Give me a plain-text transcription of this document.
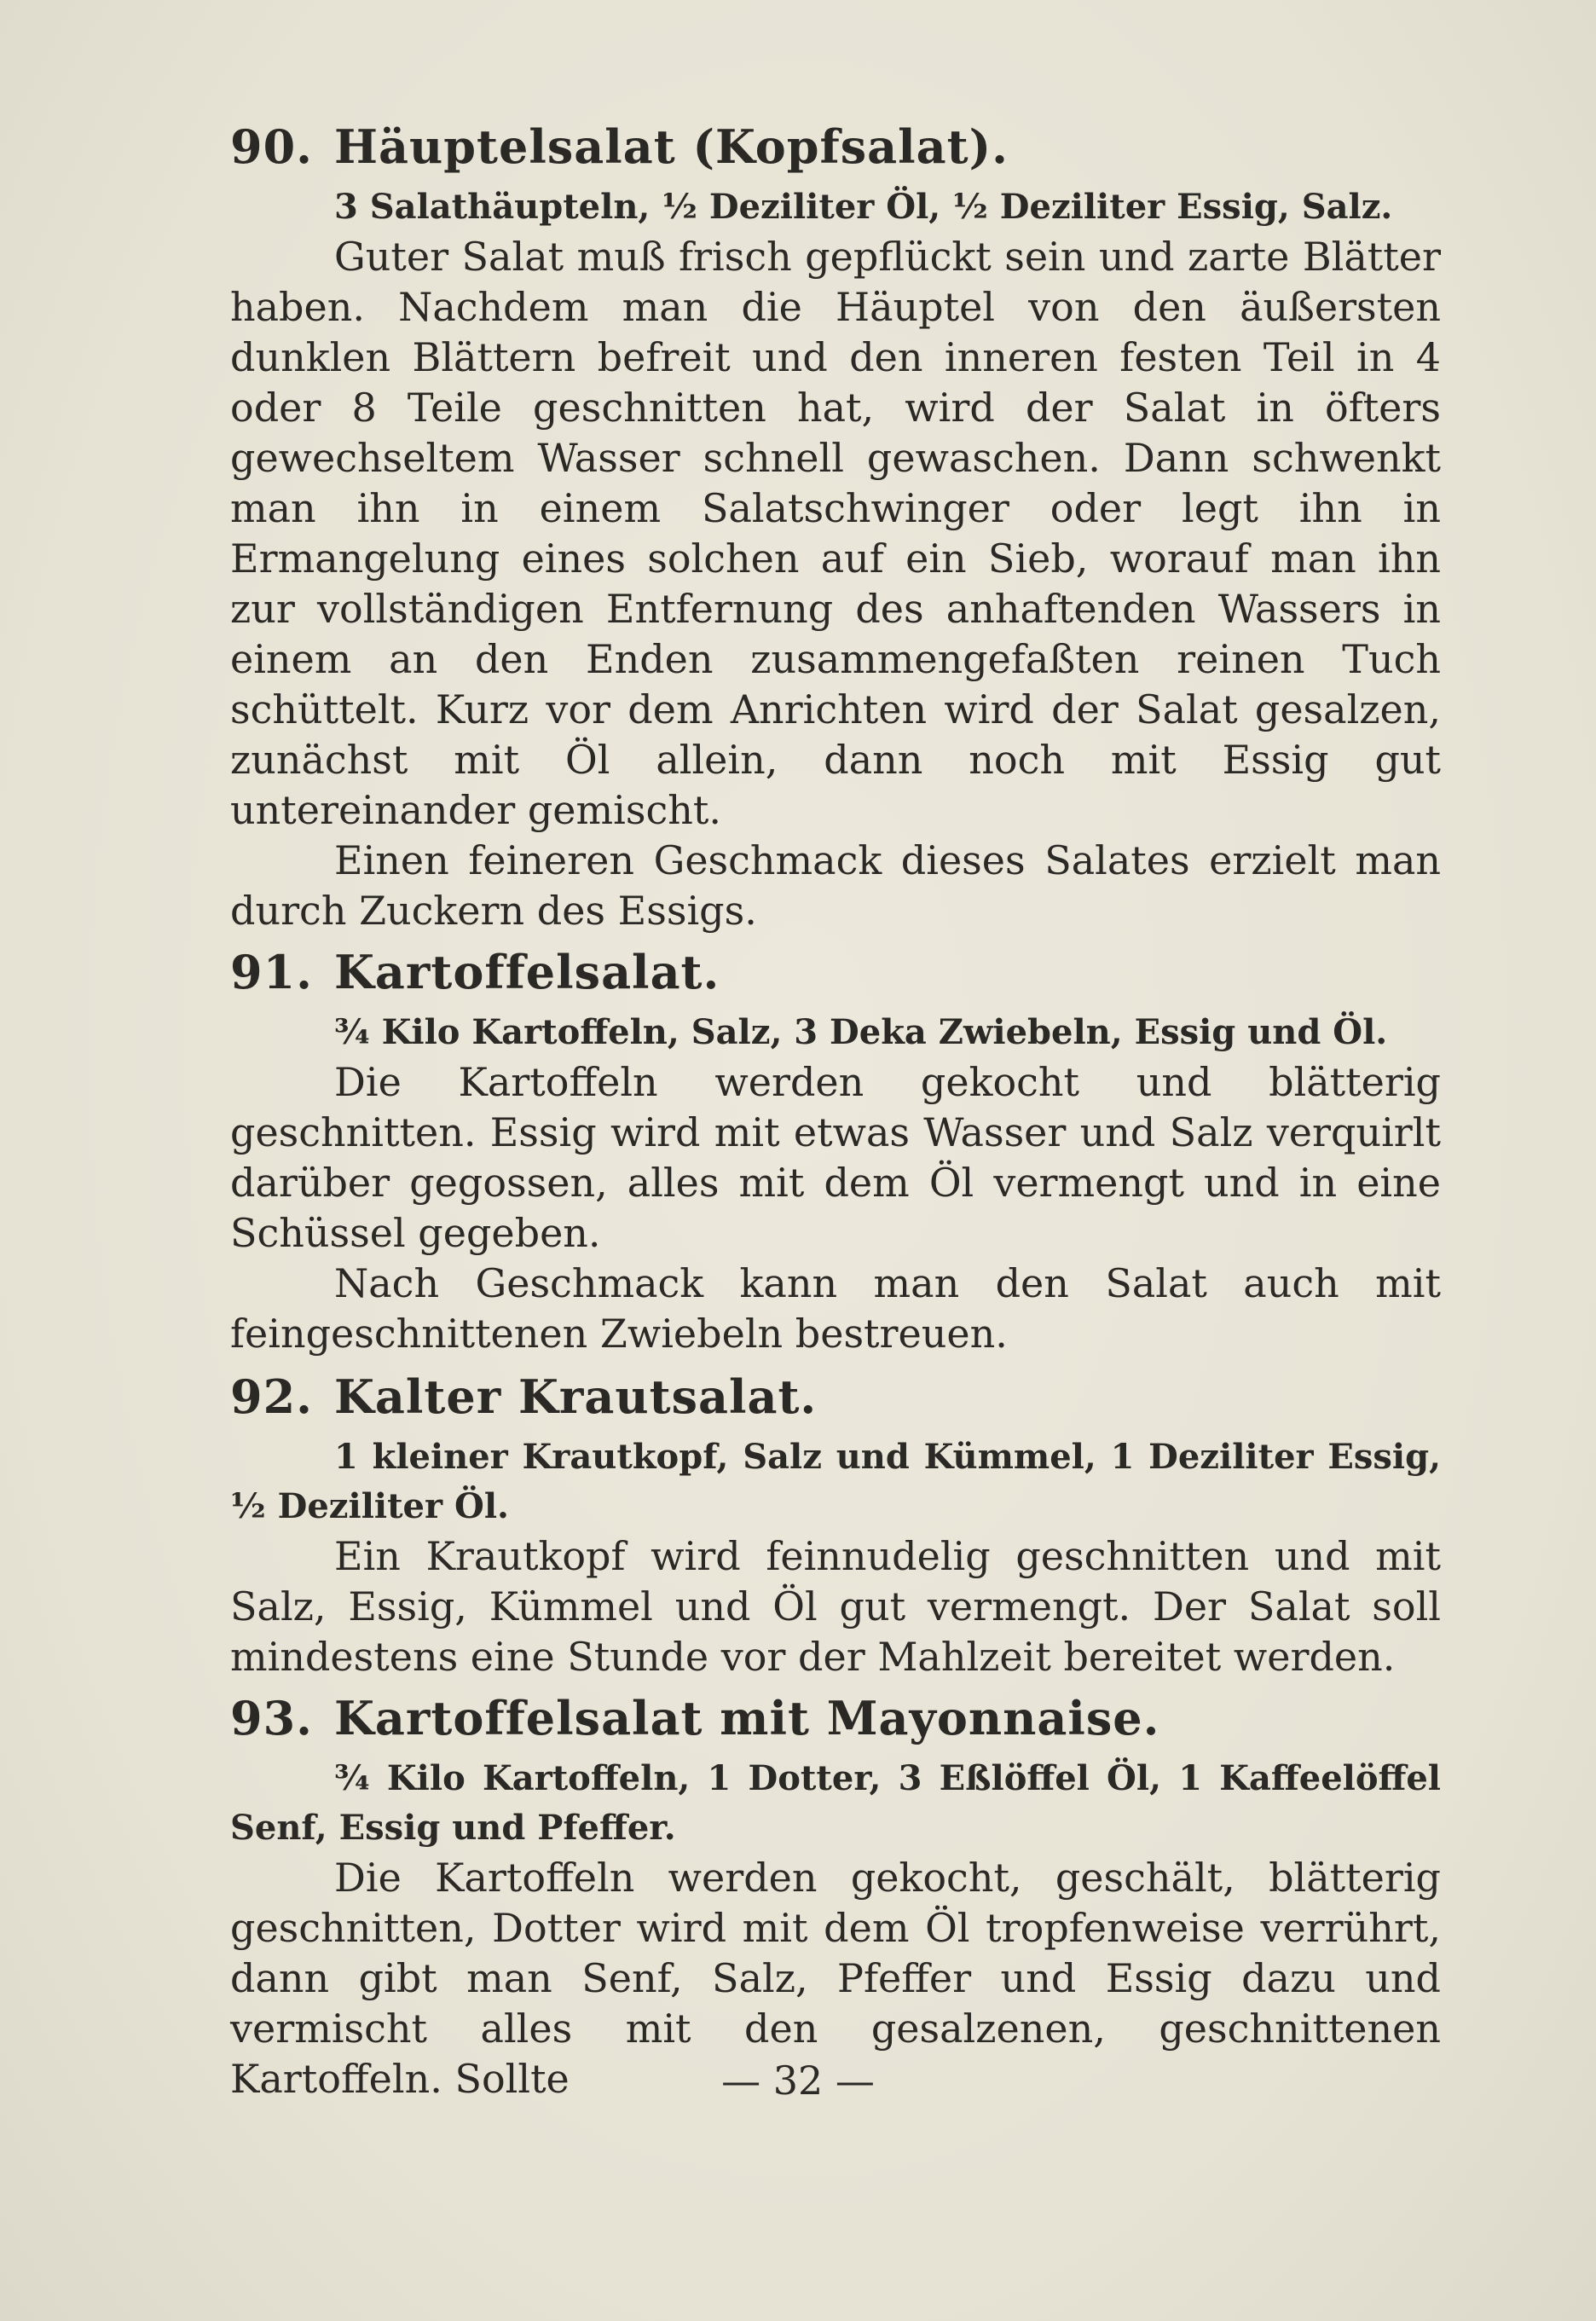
90. Häuptelsalat (Kopfsalat).

3 Salathäupteln, ½ Deziliter Öl, ½ Deziliter Essig, Salz.

Guter Salat muß frisch gepflückt sein und zarte Blätter haben. Nachdem man die Häuptel von den äußersten dunklen Blättern befreit und den inneren festen Teil in 4 oder 8 Teile geschnitten hat, wird der Salat in öfters gewechseltem Wasser schnell gewaschen. Dann schwenkt man ihn in einem Salatschwinger oder legt ihn in Ermangelung eines solchen auf ein Sieb, worauf man ihn zur vollständigen Entfernung des anhaftenden Wassers in einem an den Enden zusammengefaßten reinen Tuch schüttelt. Kurz vor dem Anrichten wird der Salat gesalzen, zunächst mit Öl allein, dann noch mit Essig gut untereinander gemischt.

Einen feineren Geschmack dieses Salates erzielt man durch Zuckern des Essigs.

91. Kartoffelsalat.

¾ Kilo Kartoffeln, Salz, 3 Deka Zwiebeln, Essig und Öl.

Die Kartoffeln werden gekocht und blätterig geschnitten. Essig wird mit etwas Wasser und Salz verquirlt darüber gegossen, alles mit dem Öl vermengt und in eine Schüssel gegeben.

Nach Geschmack kann man den Salat auch mit feingeschnittenen Zwiebeln bestreuen.

92. Kalter Krautsalat.

1 kleiner Krautkopf, Salz und Kümmel, 1 Deziliter Essig, ½ Deziliter Öl.

Ein Krautkopf wird feinnudelig geschnitten und mit Salz, Essig, Kümmel und Öl gut vermengt. Der Salat soll mindestens eine Stunde vor der Mahlzeit bereitet werden.

93. Kartoffelsalat mit Mayonnaise.

¾ Kilo Kartoffeln, 1 Dotter, 3 Eßlöffel Öl, 1 Kaffeelöffel Senf, Essig und Pfeffer.

Die Kartoffeln werden gekocht, geschält, blätterig geschnitten, Dotter wird mit dem Öl tropfenweise verrührt, dann gibt man Senf, Salz, Pfeffer und Essig dazu und vermischt alles mit den gesalzenen, geschnittenen Kartoffeln. Sollte	— 32 —
